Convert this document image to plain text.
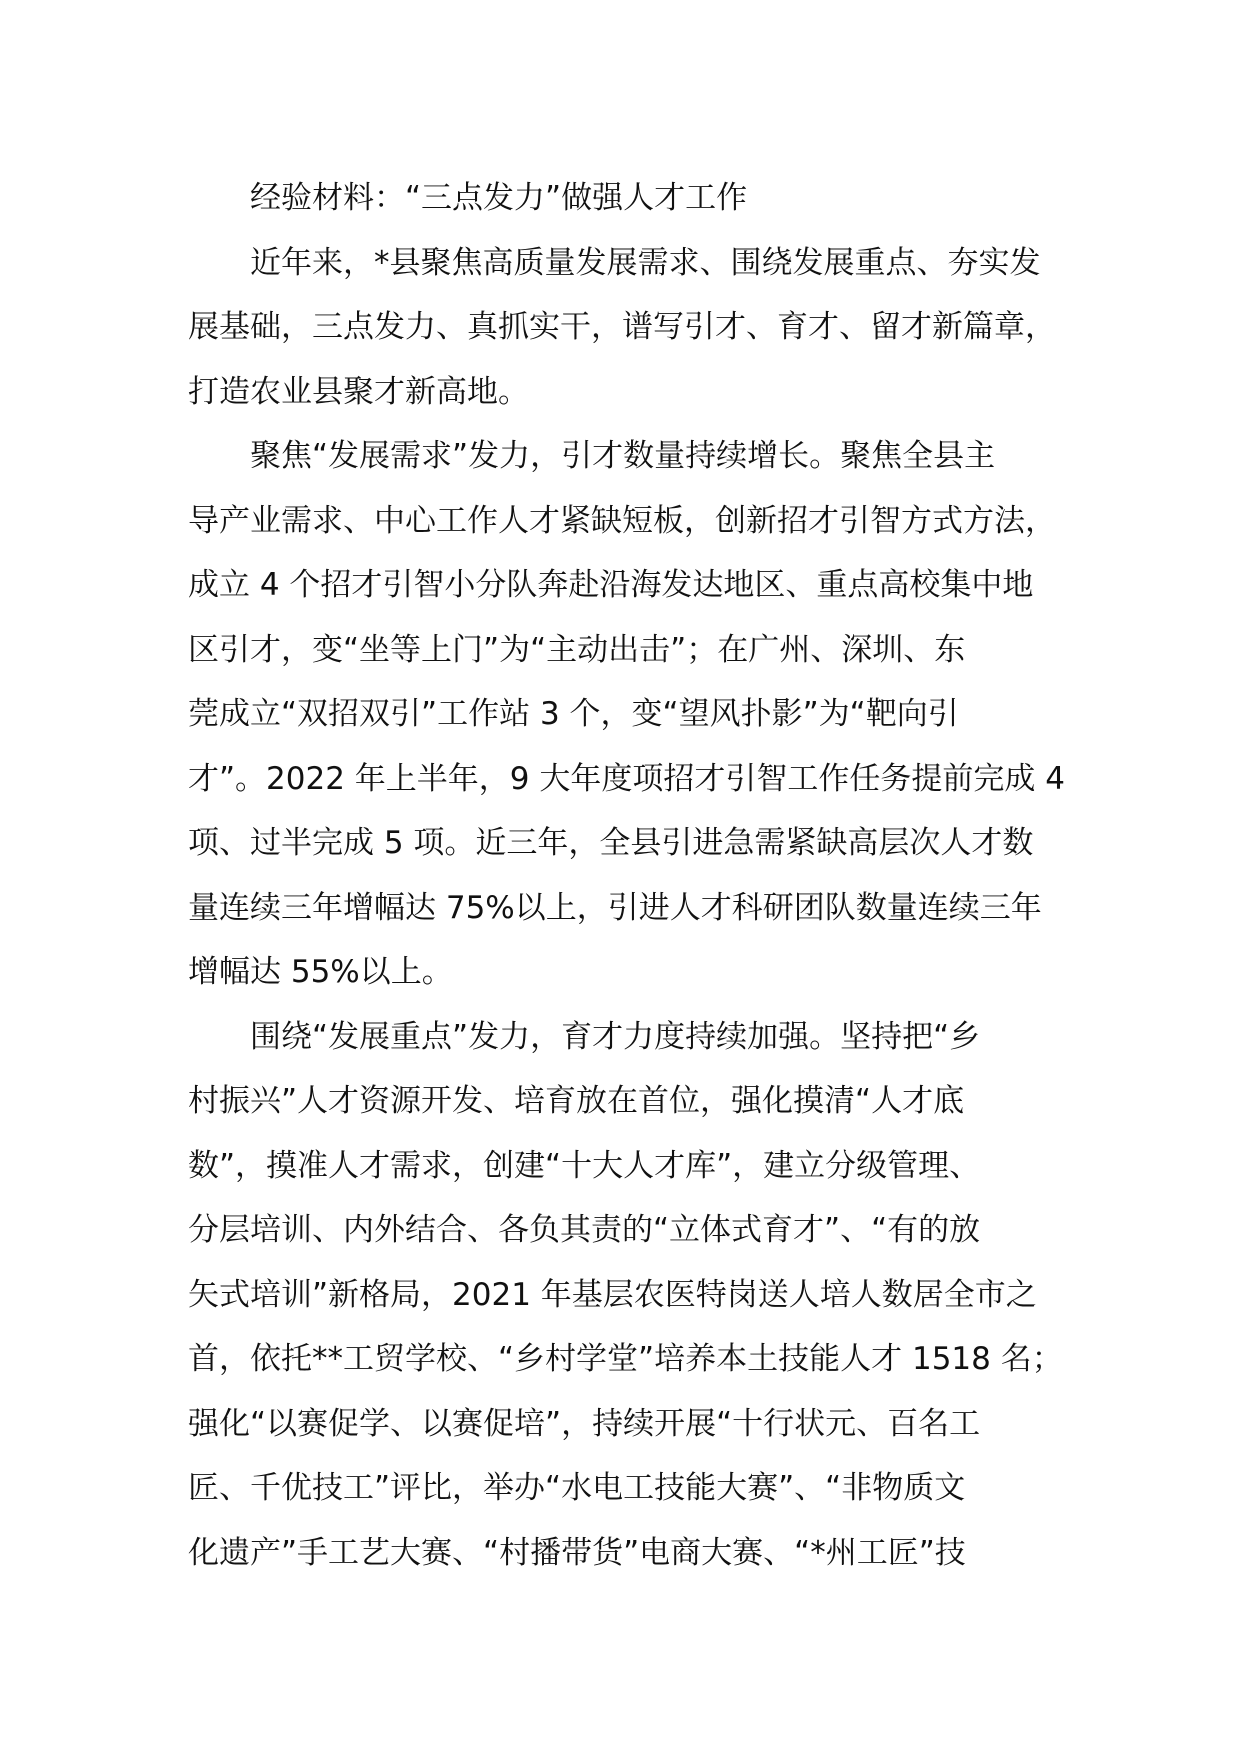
经验材料：“三点发力”做强人才工作
近年来，*县聚焦高质量发展需求、围绕发展重点、夯实发
展基础，三点发力、真抓实干，谱写引才、育才、留才新篇章，
打造农业县聚才新高地。
聚焦“发展需求”发力，引才数量持续增长。聚焦全县主
导产业需求、中心工作人才紧缺短板，创新招才引智方式方法，
成立 4 个招才引智小分队奔赴沿海发达地区、重点高校集中地
区引才，变“坐等上门”为“主动出击”；在广州、深圳、东
莞成立“双招双引”工作站 3 个，变“望风扑影”为“靶向引
才”。2022 年上半年，9 大年度项招才引智工作任务提前完成 4
项、过半完成 5 项。近三年，全县引进急需紧缺高层次人才数
量连续三年增幅达 75%以上，引进人才科研团队数量连续三年
增幅达 55%以上。
围绕“发展重点”发力，育才力度持续加强。坚持把“乡
村振兴”人才资源开发、培育放在首位，强化摸清“人才底
数”，摸准人才需求，创建“十大人才库”，建立分级管理、
分层培训、内外结合、各负其责的“立体式育才”、“有的放
矢式培训”新格局，2021 年基层农医特岗送人培人数居全市之
首，依托**工贸学校、“乡村学堂”培养本土技能人才 1518 名；
强化“以赛促学、以赛促培”，持续开展“十行状元、百名工
匠、千优技工”评比，举办“水电工技能大赛”、“非物质文
化遗产”手工艺大赛、“村播带货”电商大赛、“*州工匠”技
